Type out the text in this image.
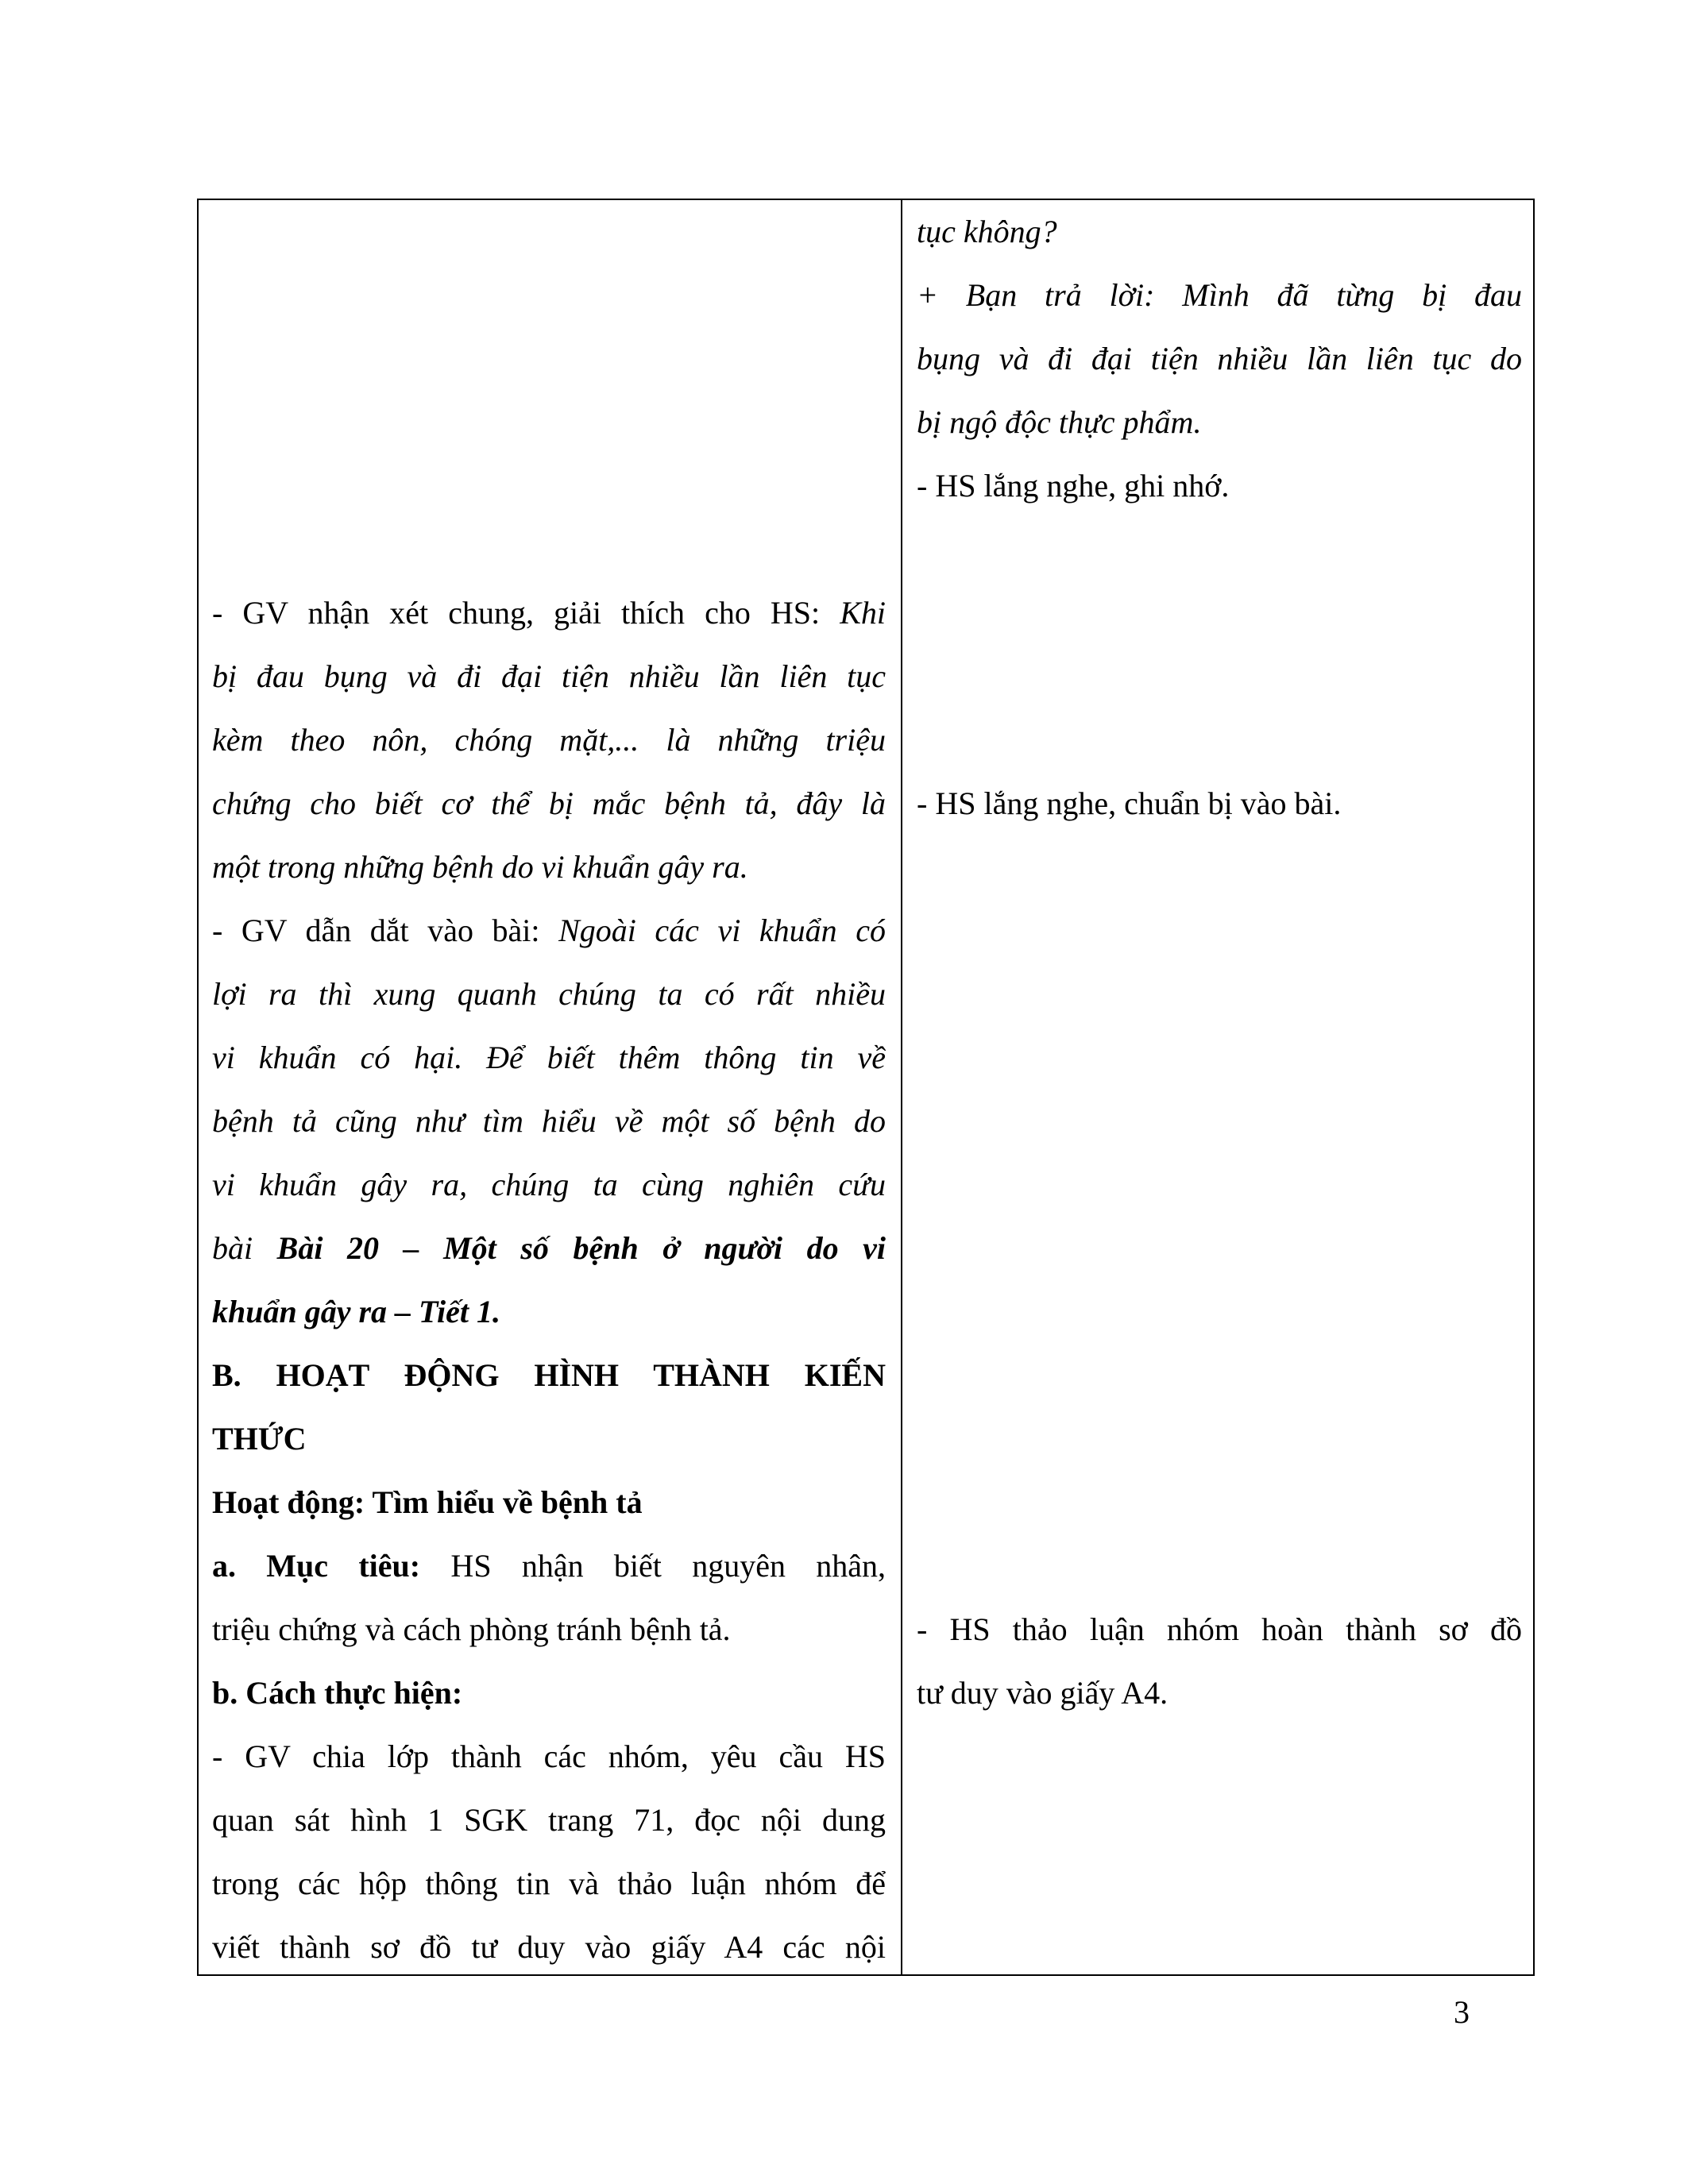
tục không?
+ Bạn trả lời: Mình đã từng bị đau
bụng và đi đại tiện nhiều lần liên tục do
bị ngộ độc thực phẩm.
- HS lắng nghe, ghi nhớ.
- GV nhận xét chung, giải thích cho HS: Khi
bị đau bụng và đi đại tiện nhiều lần liên tục
kèm theo nôn, chóng mặt,... là những triệu
chứng cho biết cơ thể bị mắc bệnh tả, đây là
một trong những bệnh do vi khuẩn gây ra.
- GV dẫn dắt vào bài: Ngoài các vi khuẩn có
lợi ra thì xung quanh chúng ta có rất nhiều
vi khuẩn có hại. Để biết thêm thông tin về
bệnh tả cũng như tìm hiểu về một số bệnh do
vi khuẩn gây ra, chúng ta cùng nghiên cứu
bài Bài 20 – Một số bệnh ở người do vi
khuẩn gây ra – Tiết 1.
B. HOẠT ĐỘNG HÌNH THÀNH KIẾN
THỨC
Hoạt động: Tìm hiểu về bệnh tả
a. Mục tiêu: HS nhận biết nguyên nhân,
triệu chứng và cách phòng tránh bệnh tả.
b. Cách thực hiện:
- GV chia lớp thành các nhóm, yêu cầu HS
quan sát hình 1 SGK trang 71, đọc nội dung
trong các hộp thông tin và thảo luận nhóm để
viết thành sơ đồ tư duy vào giấy A4 các nội
- HS lắng nghe, chuẩn bị vào bài.
- HS thảo luận nhóm hoàn thành sơ đồ
tư duy vào giấy A4.
3
